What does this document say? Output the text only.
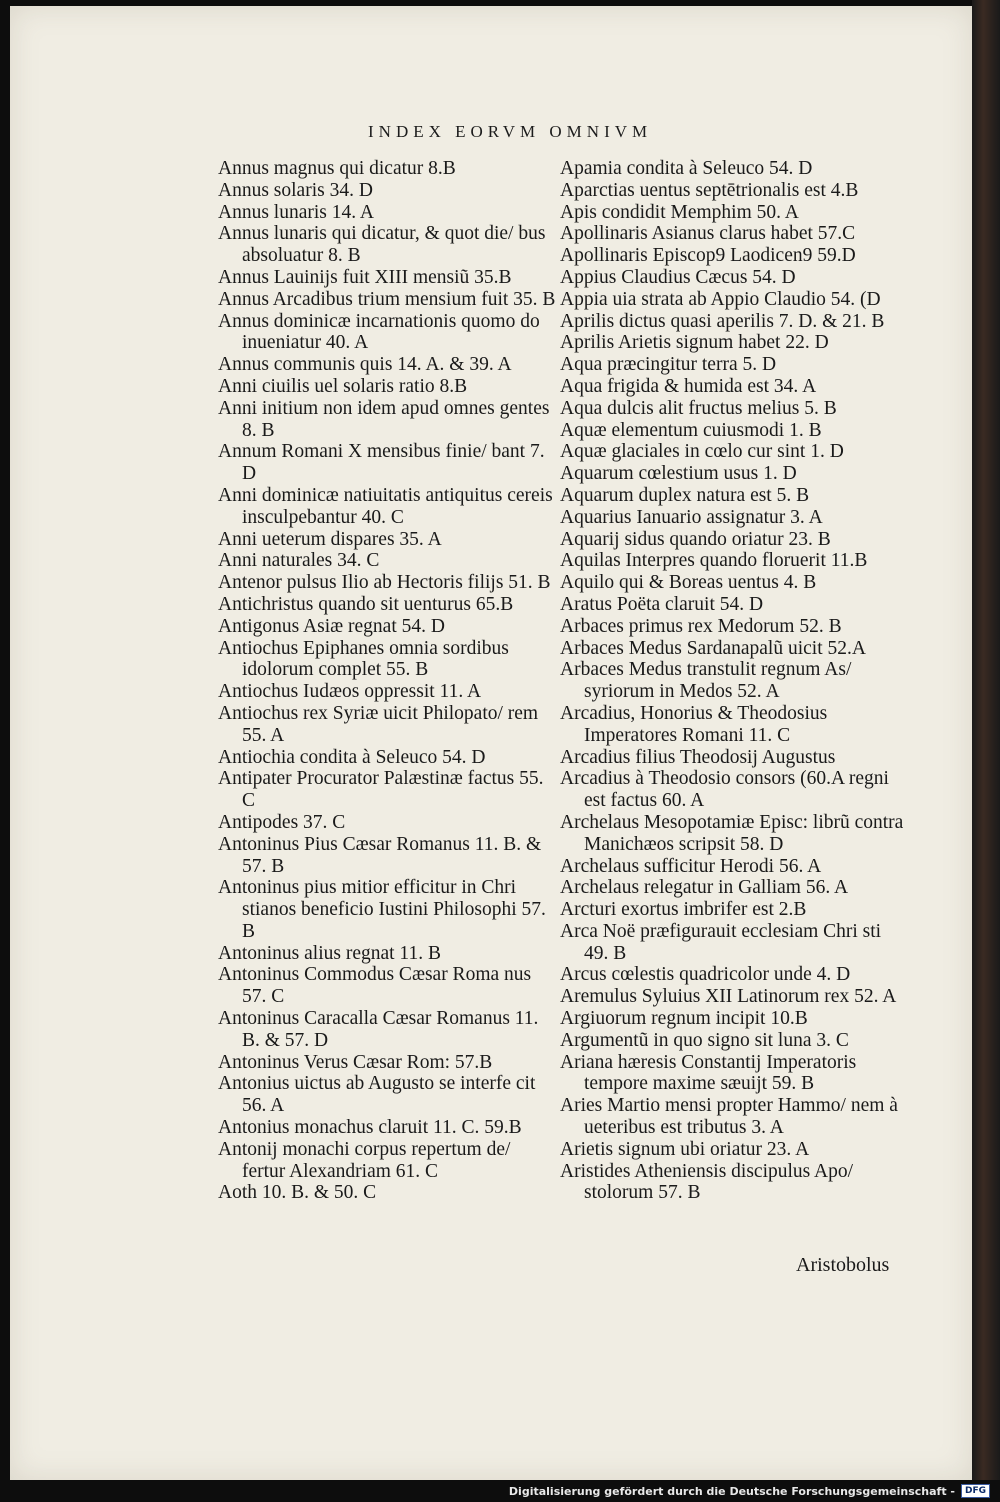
INDEX EORVM OMNIVM

Annus magnus qui dicatur 8.B

Annus solaris 34. D

Annus lunaris 14. A

Annus lunaris qui dicatur, & quot die/ bus absoluatur 8. B

Annus Lauinijs fuit XIII mensiũ 35.B

Annus Arcadibus trium mensium fuit 35. B

Annus dominicæ incarnationis quomo do inueniatur 40. A

Annus communis quis 14. A. & 39. A

Anni ciuilis uel solaris ratio 8.B

Anni initium non idem apud omnes gentes 8. B

Annum Romani X mensibus finie/ bant 7. D

Anni dominicæ natiuitatis antiquitus cereis insculpebantur 40. C

Anni ueterum dispares 35. A

Anni naturales 34. C

Antenor pulsus Ilio ab Hectoris filijs 51. B

Antichristus quando sit uenturus 65.B

Antigonus Asiæ regnat 54. D

Antiochus Epiphanes omnia sordibus idolorum complet 55. B

Antiochus Iudæos oppressit 11. A

Antiochus rex Syriæ uicit Philopato/ rem 55. A

Antiochia condita à Seleuco 54. D

Antipater Procurator Palæstinæ factus 55. C

Antipodes 37. C

Antoninus Pius Cæsar Romanus 11. B. & 57. B

Antoninus pius mitior efficitur in Chri stianos beneficio Iustini Philosophi 57. B

Antoninus alius regnat 11. B

Antoninus Commodus Cæsar Roma nus 57. C

Antoninus Caracalla Cæsar Romanus 11. B. & 57. D

Antoninus Verus Cæsar Rom: 57.B

Antonius uictus ab Augusto se interfe cit 56. A

Antonius monachus claruit 11. C. 59.B

Antonij monachi corpus repertum de/ fertur Alexandriam 61. C

Aoth 10. B. & 50. C

Apamia condita à Seleuco 54. D

Aparctias uentus septētrionalis est 4.B

Apis condidit Memphim 50. A

Apollinaris Asianus clarus habet 57.C

Apollinaris Episcop9 Laodicen9 59.D

Appius Claudius Cæcus 54. D

Appia uia strata ab Appio Claudio 54. (D

Aprilis dictus quasi aperilis 7. D. & 21. B

Aprilis Arietis signum habet 22. D

Aqua præcingitur terra 5. D

Aqua frigida & humida est 34. A

Aqua dulcis alit fructus melius 5. B

Aquæ elementum cuiusmodi 1. B

Aquæ glaciales in cœlo cur sint 1. D

Aquarum cœlestium usus 1. D

Aquarum duplex natura est 5. B

Aquarius Ianuario assignatur 3. A

Aquarij sidus quando oriatur 23. B

Aquilas Interpres quando floruerit 11.B

Aquilo qui & Boreas uentus 4. B

Aratus Poëta claruit 54. D

Arbaces primus rex Medorum 52. B

Arbaces Medus Sardanapalũ uicit 52.A

Arbaces Medus transtulit regnum As/ syriorum in Medos 52. A

Arcadius, Honorius & Theodosius Imperatores Romani 11. C

Arcadius filius Theodosij Augustus

Arcadius à Theodosio consors (60.A regni est factus 60. A

Archelaus Mesopotamiæ Episc: librũ contra Manichæos scripsit 58. D

Archelaus sufficitur Herodi 56. A

Archelaus relegatur in Galliam 56. A

Arcturi exortus imbrifer est 2.B

Arca Noë præfigurauit ecclesiam Chri sti 49. B

Arcus cœlestis quadricolor unde 4. D

Aremulus Syluius XII Latinorum rex 52. A

Argiuorum regnum incipit 10.B

Argumentũ in quo signo sit luna 3. C

Ariana hæresis Constantij Imperatoris tempore maxime sæuijt 59. B

Aries Martio mensi propter Hammo/ nem à ueteribus est tributus 3. A

Arietis signum ubi oriatur 23. A

Aristides Atheniensis discipulus Apo/ stolorum 57. B

Aristobolus
Digitalisierung gefördert durch die Deutsche Forschungsgemeinschaft -	DFG
